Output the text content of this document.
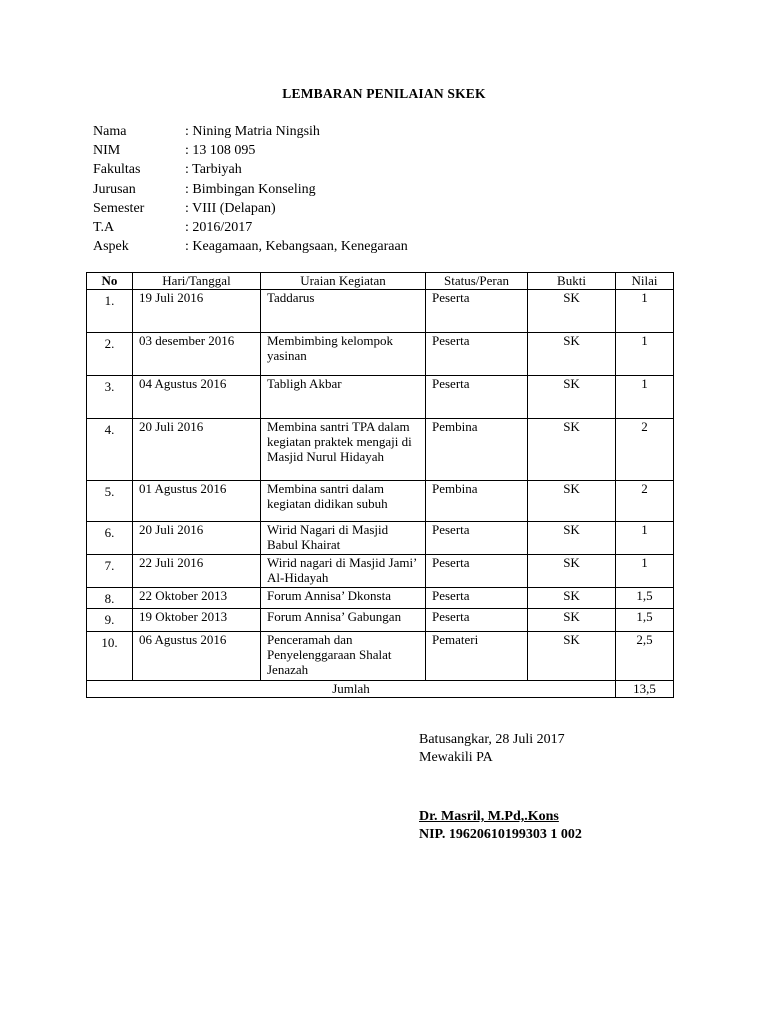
LEMBARAN PENILAIAN SKEK
Nama	: Nining Matria Ningsih
NIM	: 13 108 095
Fakultas	: Tarbiyah
Jurusan	: Bimbingan Konseling
Semester	: VIII (Delapan)
T.A	: 2016/2017
Aspek	: Keagamaan, Kebangsaan, Kenegaraan
No	Hari/Tanggal	Uraian Kegiatan	Status/Peran	Bukti	Nilai
1.	19 Juli 2016	Taddarus	Peserta	SK	1
2.	03 desember 2016	Membimbing kelompok yasinan	Peserta	SK	1
3.	04 Agustus 2016	Tabligh Akbar	Peserta	SK	1
4.	20 Juli 2016	Membina santri TPA dalam kegiatan praktek mengaji di Masjid Nurul Hidayah	Pembina	SK	2
5.	01 Agustus 2016	Membina santri dalam kegiatan didikan subuh	Pembina	SK	2
6.	20 Juli 2016	Wirid Nagari di Masjid Babul Khairat	Peserta	SK	1
7.	22 Juli 2016	Wirid nagari di Masjid Jami’ Al-Hidayah	Peserta	SK	1
8.	22 Oktober 2013	Forum Annisa’ Dkonsta	Peserta	SK	1,5
9.	19 Oktober 2013	Forum Annisa’ Gabungan	Peserta	SK	1,5
10.	06 Agustus 2016	Penceramah dan Penyelenggaraan Shalat Jenazah	Pemateri	SK	2,5
Jumlah					13,5
Batusangkar, 28 Juli 2017
Mewakili PA
Dr. Masril, M.Pd,.Kons
NIP. 19620610199303 1 002
